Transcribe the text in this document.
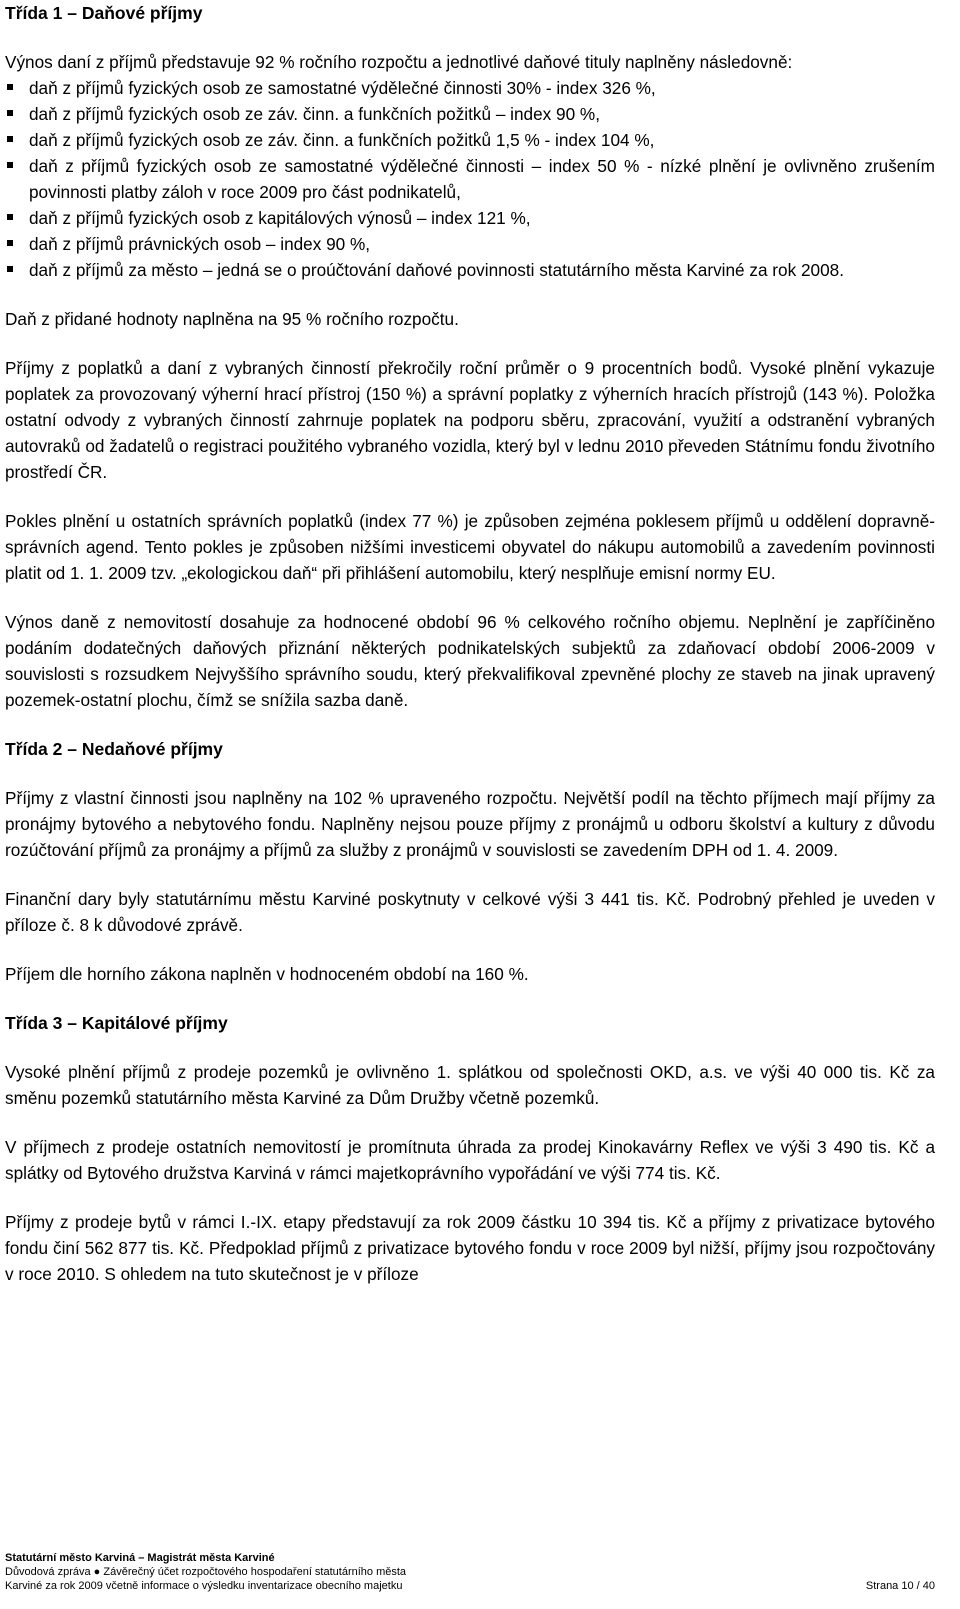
Třída 1 – Daňové příjmy

Výnos daní z příjmů představuje 92 % ročního rozpočtu a jednotlivé daňové tituly naplněny následovně:

daň z příjmů fyzických osob ze samostatné výdělečné činnosti 30% - index 326 %,
daň z příjmů fyzických osob ze záv. činn. a funkčních požitků – index 90 %,
daň z příjmů fyzických osob ze záv. činn. a funkčních požitků 1,5 % - index 104 %,
daň z příjmů fyzických osob ze samostatné výdělečné činnosti – index 50 % - nízké plnění je ovlivněno zrušením povinnosti platby záloh v roce 2009 pro část podnikatelů,
daň z příjmů fyzických osob z kapitálových výnosů – index 121 %,
daň z příjmů právnických osob – index 90 %,
daň z příjmů za město – jedná se o proúčtování daňové povinnosti statutárního města Karviné za rok 2008.

Daň z přidané hodnoty naplněna na 95 % ročního rozpočtu.

Příjmy z poplatků a daní z vybraných činností překročily roční průměr o 9 procentních bodů. Vysoké plnění vykazuje poplatek za provozovaný výherní hrací přístroj (150 %) a správní poplatky z výherních hracích přístrojů (143 %). Položka ostatní odvody z vybraných činností zahrnuje poplatek na podporu sběru, zpracování, využití a odstranění vybraných autovraků od žadatelů o registraci použitého vybraného vozidla, který byl v lednu 2010 převeden Státnímu fondu životního prostředí ČR.

Pokles plnění u ostatních správních poplatků (index 77 %) je způsoben zejména poklesem příjmů u oddělení dopravně-správních agend. Tento pokles je způsoben nižšími investicemi obyvatel do nákupu automobilů a zavedením povinnosti platit od 1. 1. 2009 tzv. „ekologickou daň“ při přihlášení automobilu, který nesplňuje emisní normy EU.

Výnos daně z nemovitostí dosahuje za hodnocené období 96 % celkového ročního objemu. Neplnění je zapříčiněno podáním dodatečných daňových přiznání některých podnikatelských subjektů za zdaňovací období 2006-2009 v souvislosti s rozsudkem Nejvyššího správního soudu, který překvalifikoval zpevněné plochy ze staveb na jinak upravený pozemek-ostatní plochu, čímž se snížila sazba daně.

Třída 2 – Nedaňové příjmy

Příjmy z vlastní činnosti jsou naplněny na 102 % upraveného rozpočtu. Největší podíl na těchto příjmech mají příjmy za pronájmy bytového a nebytového fondu. Naplněny nejsou pouze příjmy z pronájmů u odboru školství a kultury z důvodu rozúčtování příjmů za pronájmy a příjmů za služby z pronájmů v souvislosti se zavedením DPH od 1. 4. 2009.

Finanční dary byly statutárnímu městu Karviné poskytnuty v celkové výši 3 441 tis. Kč. Podrobný přehled je uveden v příloze č. 8 k důvodové zprávě.

Příjem dle horního zákona naplněn v hodnoceném období na 160 %.

Třída 3 – Kapitálové příjmy

Vysoké plnění příjmů z prodeje pozemků je ovlivněno 1. splátkou od společnosti OKD, a.s. ve výši 40 000 tis. Kč za směnu pozemků statutárního města Karviné za Dům Družby včetně pozemků.

V příjmech z prodeje ostatních nemovitostí je promítnuta úhrada za prodej Kinokavárny Reflex ve výši 3 490 tis. Kč a splátky od Bytového družstva Karviná v rámci majetkoprávního vypořádání ve výši 774 tis. Kč.

Příjmy z prodeje bytů v rámci I.-IX. etapy představují za rok 2009 částku 10 394 tis. Kč a příjmy z privatizace bytového fondu činí 562 877 tis. Kč. Předpoklad příjmů z privatizace bytového fondu v roce 2009 byl nižší, příjmy jsou rozpočtovány v roce 2010. S ohledem na tuto skutečnost je v příloze

Statutární město Karviná – Magistrát města Karviné
Důvodová zpráva ● Závěrečný účet rozpočtového hospodaření statutárního města
Karviné za rok 2009 včetně informace o výsledku inventarizace obecního majetku	Strana 10 / 40
